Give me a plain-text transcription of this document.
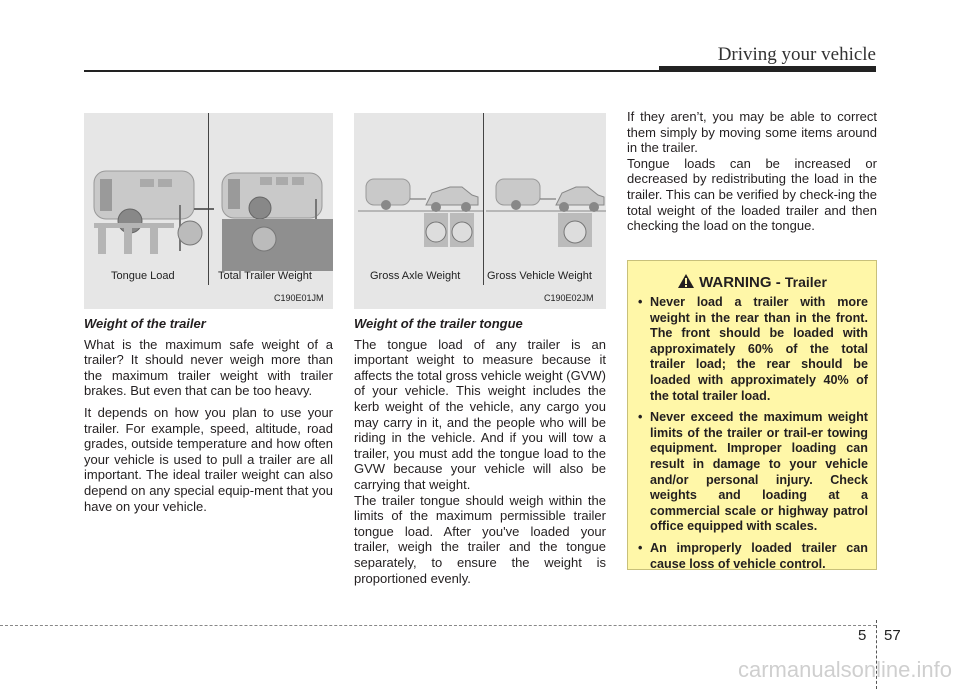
Driving your vehicle
Tongue Load	Total Trailer Weight
C190E01JM
Gross Axle Weight Gross Vehicle Weight
C190E02JM

Weight of the trailer

What is the maximum safe weight of a trailer? It should never weigh more than the maximum trailer weight with trailer brakes. But even that can be too heavy.

It depends on how you plan to use your trailer. For example, speed, altitude, road grades, outside temperature and how often your vehicle is used to pull a trailer are all important. The ideal trailer weight can also depend on any special equip-ment that you have on your vehicle.

Weight of the trailer tongue

The tongue load of any trailer is an important weight to measure because it affects the total gross vehicle weight (GVW) of your vehicle. This weight includes the kerb weight of the vehicle, any cargo you may carry in it, and the people who will be riding in the vehicle. And if you will tow a trailer, you must add the tongue load to the GVW because your vehicle will also be carrying that weight.

The trailer tongue should weigh within the limits of the maximum permissible trailer tongue load. After you've loaded your trailer, weigh the trailer and the tongue separately, to ensure the weight is proportioned evenly.

If they aren’t, you may be able to correct them simply by moving some items around in the trailer.

Tongue loads can be increased or decreased by redistributing the load in the trailer. This can be verified by check-ing the total weight of the loaded trailer and then checking the load on the tongue.

WARNING - Trailer
• Never load a trailer with more weight in the rear than in the front. The front should be loaded with approximately 60% of the total trailer load; the rear should be loaded with approximately 40% of the total trailer load.
• Never exceed the maximum weight limits of the trailer or trail-er towing equipment. Improper loading can result in damage to your vehicle and/or personal injury. Check weights and loading at a commercial scale or highway patrol office equipped with scales.
• An improperly loaded trailer can cause loss of vehicle control.
5 57
carmanualsonline.info
